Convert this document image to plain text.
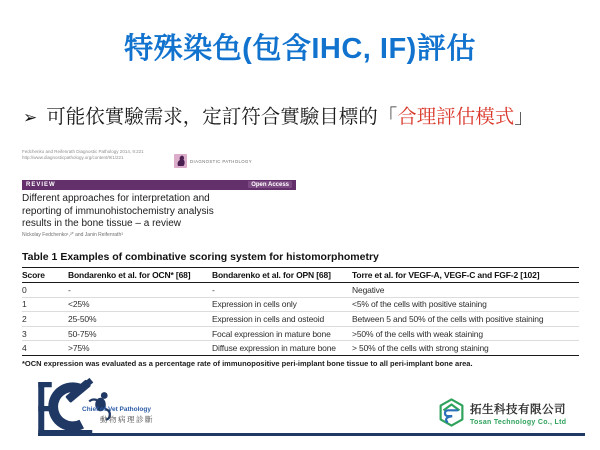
特殊染色(包含IHC, IF)評估
➢ 可能依實驗需求，定訂符合實驗目標的「合理評估模式」
Fedchenko and Reifenrath Diagnostic Pathology 2014, 9:221
http://www.diagnosticpathology.org/content/9/1/221
DIAGNOSTIC PATHOLOGY
REVIEW	Open Access
Different approaches for interpretation and reporting of immunohistochemistry analysis results in the bone tissue – a review
Nickolay Fedchenko¹,²* and Janin Reifenrath³
Table 1 Examples of combinative scoring system for histomorphometry
Score	Bondarenko et al. for OCN* [68]	Bondarenko et al. for OPN [68]	Torre et al. for VEGF-A, VEGF-C and FGF-2 [102]
0	-	-	Negative
1	<25%	Expression in cells only	<5% of the cells with positive staining
2	25-50%	Expression in cells and osteoid	Between 5 and 50% of the cells with positive staining
3	50-75%	Focal expression in mature bone	>50% of the cells with weak staining
4	>75%	Diffuse expression in mature bone	> 50% of the cells with strong staining
*OCN expression was evaluated as a percentage rate of immunopositive peri-implant bone tissue to all peri-implant bone area.
Chief of Vet Pathology
動物病理診斷
拓生科技有限公司
Tosan Technology Co., Ltd
